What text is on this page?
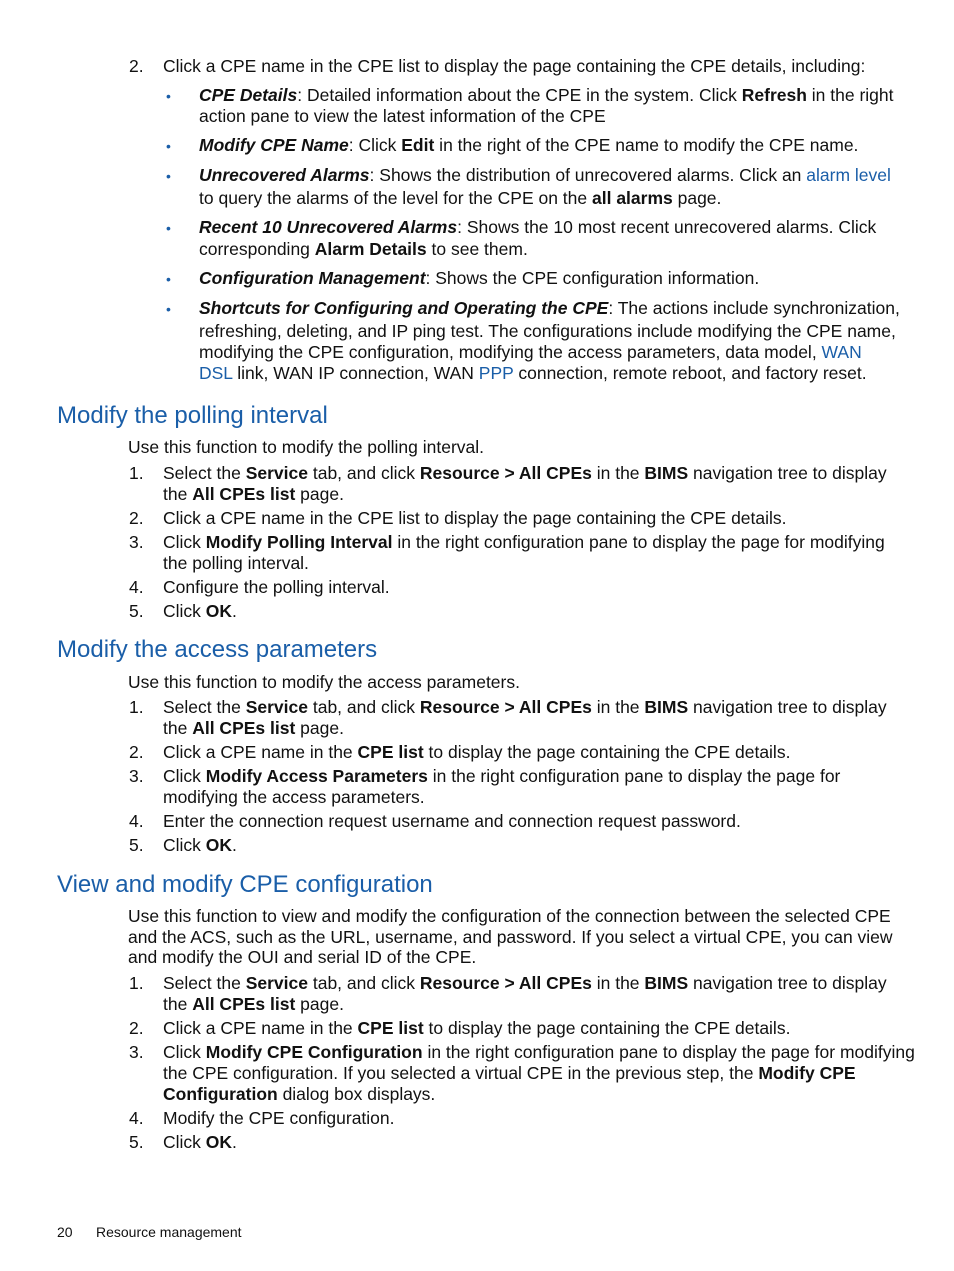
2.	Click a CPE name in the CPE list to display the page containing the CPE details, including:
• CPE Details: Detailed information about the CPE in the system. Click Refresh in the right
action pane to view the latest information of the CPE
• Modify CPE Name: Click Edit in the right of the CPE name to modify the CPE name.
• Unrecovered Alarms: Shows the distribution of unrecovered alarms. Click an alarm level
to query the alarms of the level for the CPE on the all alarms page.
• Recent 10 Unrecovered Alarms: Shows the 10 most recent unrecovered alarms. Click
corresponding Alarm Details to see them.
• Configuration Management: Shows the CPE configuration information.
• Shortcuts for Configuring and Operating the CPE: The actions include synchronization,
refreshing, deleting, and IP ping test. The configurations include modifying the CPE name,
modifying the CPE configuration, modifying the access parameters, data model, WAN
DSL link, WAN IP connection, WAN PPP connection, remote reboot, and factory reset.
Modify the polling interval
Use this function to modify the polling interval.
1.	Select the Service tab, and click Resource > All CPEs in the BIMS navigation tree to display
the All CPEs list page.
2.	Click a CPE name in the CPE list to display the page containing the CPE details.
3.	Click Modify Polling Interval in the right configuration pane to display the page for modifying
the polling interval.
4.	Configure the polling interval.
5.	Click OK.
Modify the access parameters
Use this function to modify the access parameters.
1.	Select the Service tab, and click Resource > All CPEs in the BIMS navigation tree to display
the All CPEs list page.
2.	Click a CPE name in the CPE list to display the page containing the CPE details.
3.	Click Modify Access Parameters in the right configuration pane to display the page for
modifying the access parameters.
4.	Enter the connection request username and connection request password.
5.	Click OK.
View and modify CPE configuration
Use this function to view and modify the configuration of the connection between the selected CPE
and the ACS, such as the URL, username, and password. If you select a virtual CPE, you can view
and modify the OUI and serial ID of the CPE.
1.	Select the Service tab, and click Resource > All CPEs in the BIMS navigation tree to display
the All CPEs list page.
2.	Click a CPE name in the CPE list to display the page containing the CPE details.
3.	Click Modify CPE Configuration in the right configuration pane to display the page for modifying
the CPE configuration. If you selected a virtual CPE in the previous step, the Modify CPE
Configuration dialog box displays.
4.	Modify the CPE configuration.
5.	Click OK.
20 Resource management
